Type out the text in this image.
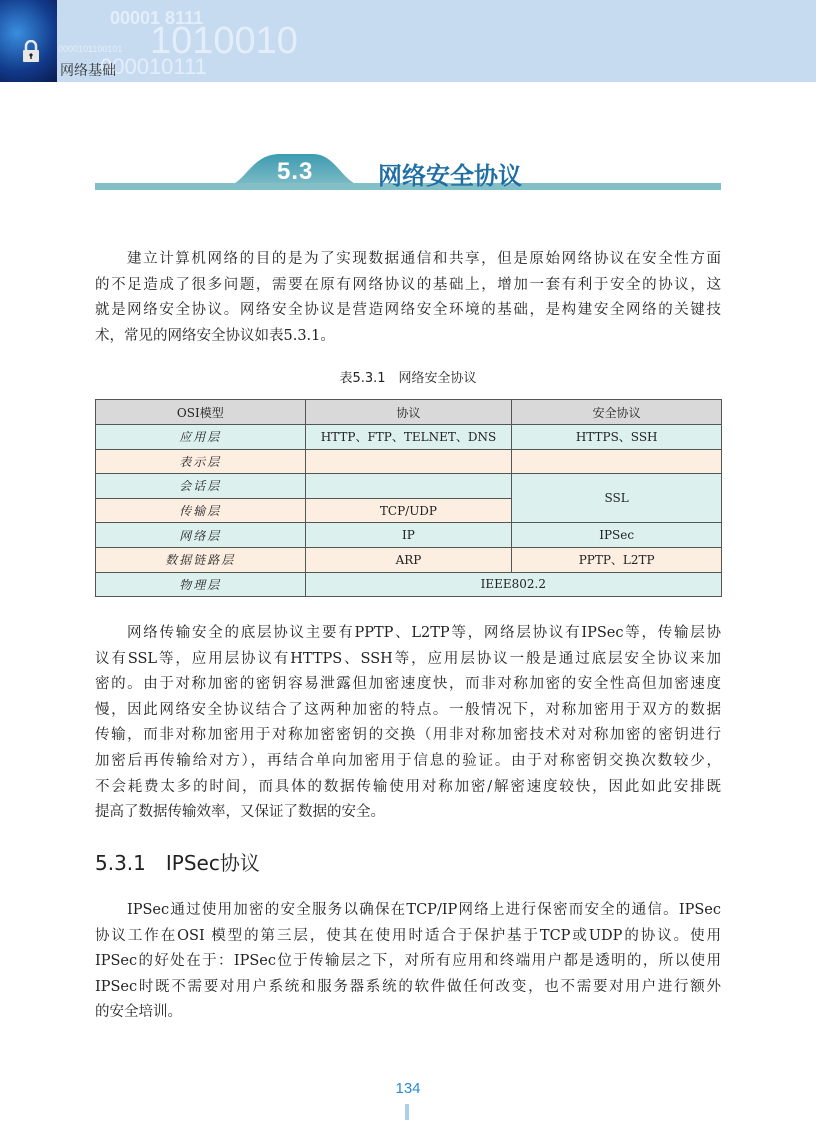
00001 8111
1010010
0000101100101
000010111
网络基础
5.3	网络安全协议
建立计算机网络的目的是为了实现数据通信和共享，但是原始网络协议在安全性方面
的不足造成了很多问题，需要在原有网络协议的基础上，增加一套有利于安全的协议，这
就是网络安全协议。网络安全协议是营造网络安全环境的基础，是构建安全网络的关键技
术，常见的网络安全协议如表5.3.1。
表5.3.1　网络安全协议
OSI模型	协议	安全协议
应用层	HTTP、FTP、TELNET、DNS	HTTPS、SSH
表示层		
会话层		SSL
传输层	TCP/UDP	
网络层	IP	IPSec
数据链路层	ARP	PPTP、L2TP
物理层	IEEE802.2	
网络传输安全的底层协议主要有PPTP、L2TP等，网络层协议有IPSec等，传输层协
议有SSL等，应用层协议有HTTPS、SSH等，应用层协议一般是通过底层安全协议来加
密的。由于对称加密的密钥容易泄露但加密速度快，而非对称加密的安全性高但加密速度
慢，因此网络安全协议结合了这两种加密的特点。一般情况下，对称加密用于双方的数据
传输，而非对称加密用于对称加密密钥的交换（用非对称加密技术对对称加密的密钥进行
加密后再传输给对方），再结合单向加密用于信息的验证。由于对称密钥交换次数较少，
不会耗费太多的时间，而具体的数据传输使用对称加密/解密速度较快，因此如此安排既
提高了数据传输效率，又保证了数据的安全。
5.3.1　IPSec协议
IPSec通过使用加密的安全服务以确保在TCP/IP网络上进行保密而安全的通信。IPSec
协议工作在OSI 模型的第三层，使其在使用时适合于保护基于TCP或UDP的协议。使用
IPSec的好处在于：IPSec位于传输层之下，对所有应用和终端用户都是透明的，所以使用
IPSec时既不需要对用户系统和服务器系统的软件做任何改变，也不需要对用户进行额外
的安全培训。
134
